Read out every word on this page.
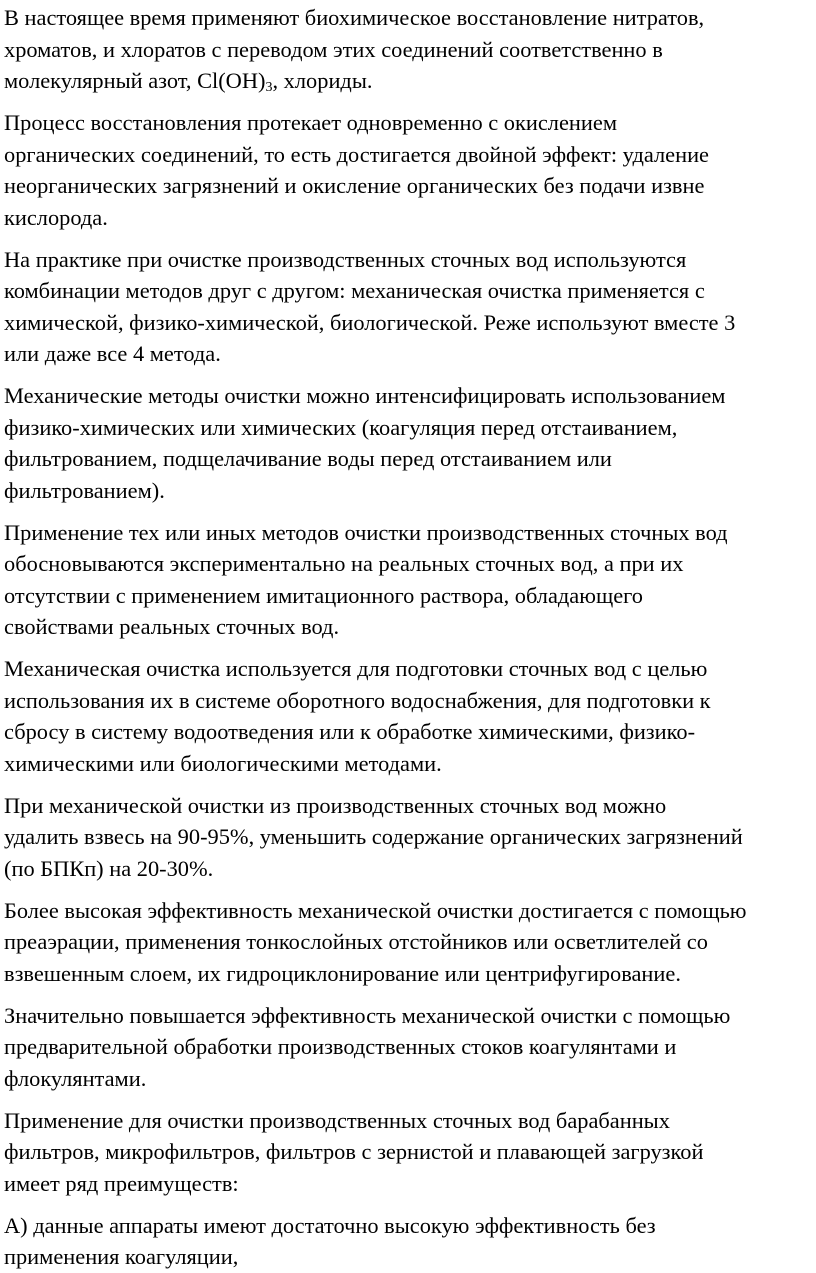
В настоящее время применяют биохимическое восстановление нитратов,
хроматов, и хлоратов с переводом этих соединений соответственно в
молекулярный азот, $Cl(OH)_3$, хлориды.
Процесс восстановления протекает одновременно с окислением
органических соединений, то есть достигается двойной эффект: удаление
неорганических загрязнений и окисление органических без подачи извне
кислорода.
На практике при очистке производственных сточных вод используются
комбинации методов друг с другом: механическая очистка применяется с
химической, физико-химической, биологической. Реже используют вместе 3
или даже все 4 метода.
Механические методы очистки можно интенсифицировать использованием
физико-химических или химических (коагуляция перед отстаиванием,
фильтрованием, подщелачивание воды перед отстаиванием или
фильтрованием).
Применение тех или иных методов очистки производственных сточных вод
обосновываются экспериментально на реальных сточных вод, а при их
отсутствии с применением имитационного раствора, обладающего
свойствами реальных сточных вод.
Механическая очистка используется для подготовки сточных вод с целью
использования их в системе оборотного водоснабжения, для подготовки к
сбросу в систему водоотведения или к обработке химическими, физико-
химическими или биологическими методами.
При механической очистки из производственных сточных вод можно
удалить взвесь на 90-95%, уменьшить содержание органических загрязнений
(по БПКп) на 20-30%.
Более высокая эффективность механической очистки достигается с помощью
преаэрации, применения тонкослойных отстойников или осветлителей со
взвешенным слоем, их гидроциклонирование или центрифугирование.
Значительно повышается эффективность механической очистки с помощью
предварительной обработки производственных стоков коагулянтами и
флокулянтами.
Применение для очистки производственных сточных вод барабанных
фильтров, микрофильтров, фильтров с зернистой и плавающей загрузкой
имеет ряд преимуществ:
А) данные аппараты имеют достаточно высокую эффективность без
применения коагуляции,
